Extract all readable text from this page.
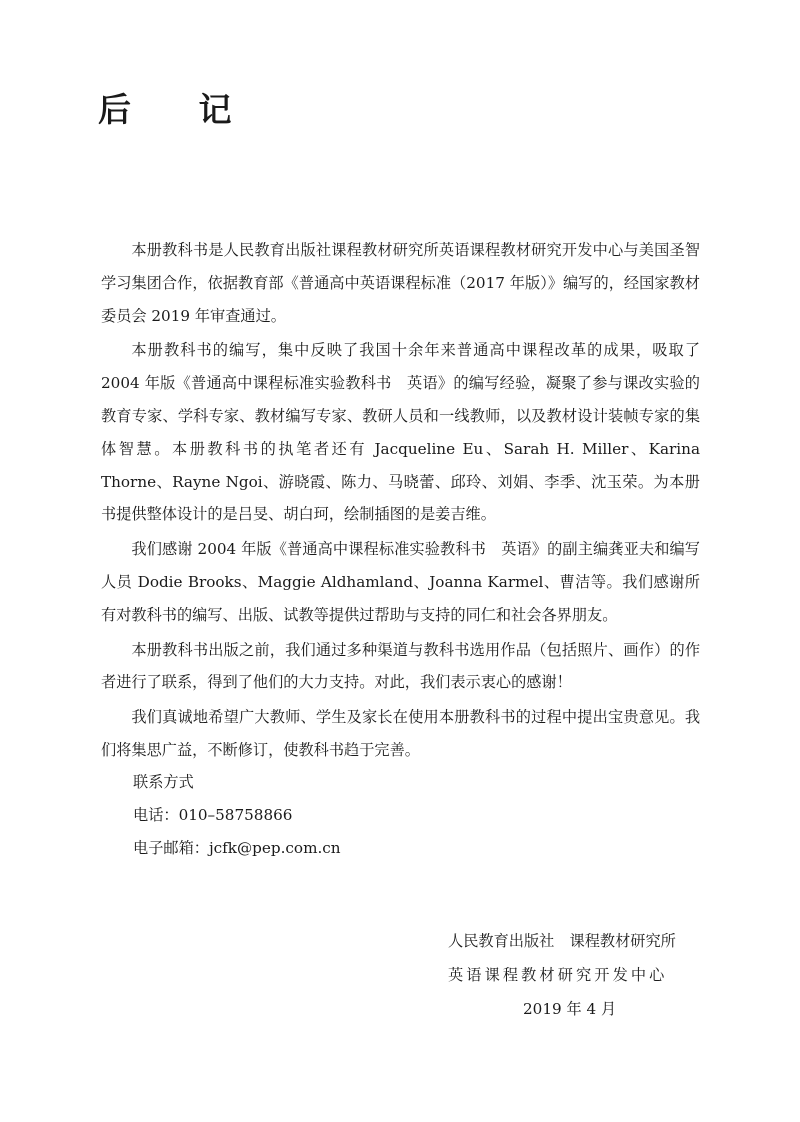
后 记

本册教科书是人民教育出版社课程教材研究所英语课程教材研究开发中心与美国圣智学习集团合作，依据教育部《普通高中英语课程标准（2017 年版）》编写的，经国家教材委员会 2019 年审查通过。

本册教科书的编写，集中反映了我国十余年来普通高中课程改革的成果，吸取了 2004 年版《普通高中课程标准实验教科书　英语》的编写经验，凝聚了参与课改实验的教育专家、学科专家、教材编写专家、教研人员和一线教师，以及教材设计装帧专家的集体智慧。本册教科书的执笔者还有 Jacqueline Eu、Sarah H. Miller、Karina Thorne、Rayne Ngoi、游晓霞、陈力、马晓蕾、邱玲、刘娟、李季、沈玉荣。为本册书提供整体设计的是吕旻、胡白珂，绘制插图的是姜吉维。

我们感谢 2004 年版《普通高中课程标准实验教科书　英语》的副主编龚亚夫和编写人员 Dodie Brooks、Maggie Aldhamland、Joanna Karmel、曹洁等。我们感谢所有对教科书的编写、出版、试教等提供过帮助与支持的同仁和社会各界朋友。

本册教科书出版之前，我们通过多种渠道与教科书选用作品（包括照片、画作）的作者进行了联系，得到了他们的大力支持。对此，我们表示衷心的感谢！

我们真诚地希望广大教师、学生及家长在使用本册教科书的过程中提出宝贵意见。我们将集思广益，不断修订，使教科书趋于完善。

联系方式
电话：010–58758866
电子邮箱：jcfk@pep.com.cn
人民教育出版社　课程教材研究所
英语课程教材研究开发中心
2019 年 4 月
